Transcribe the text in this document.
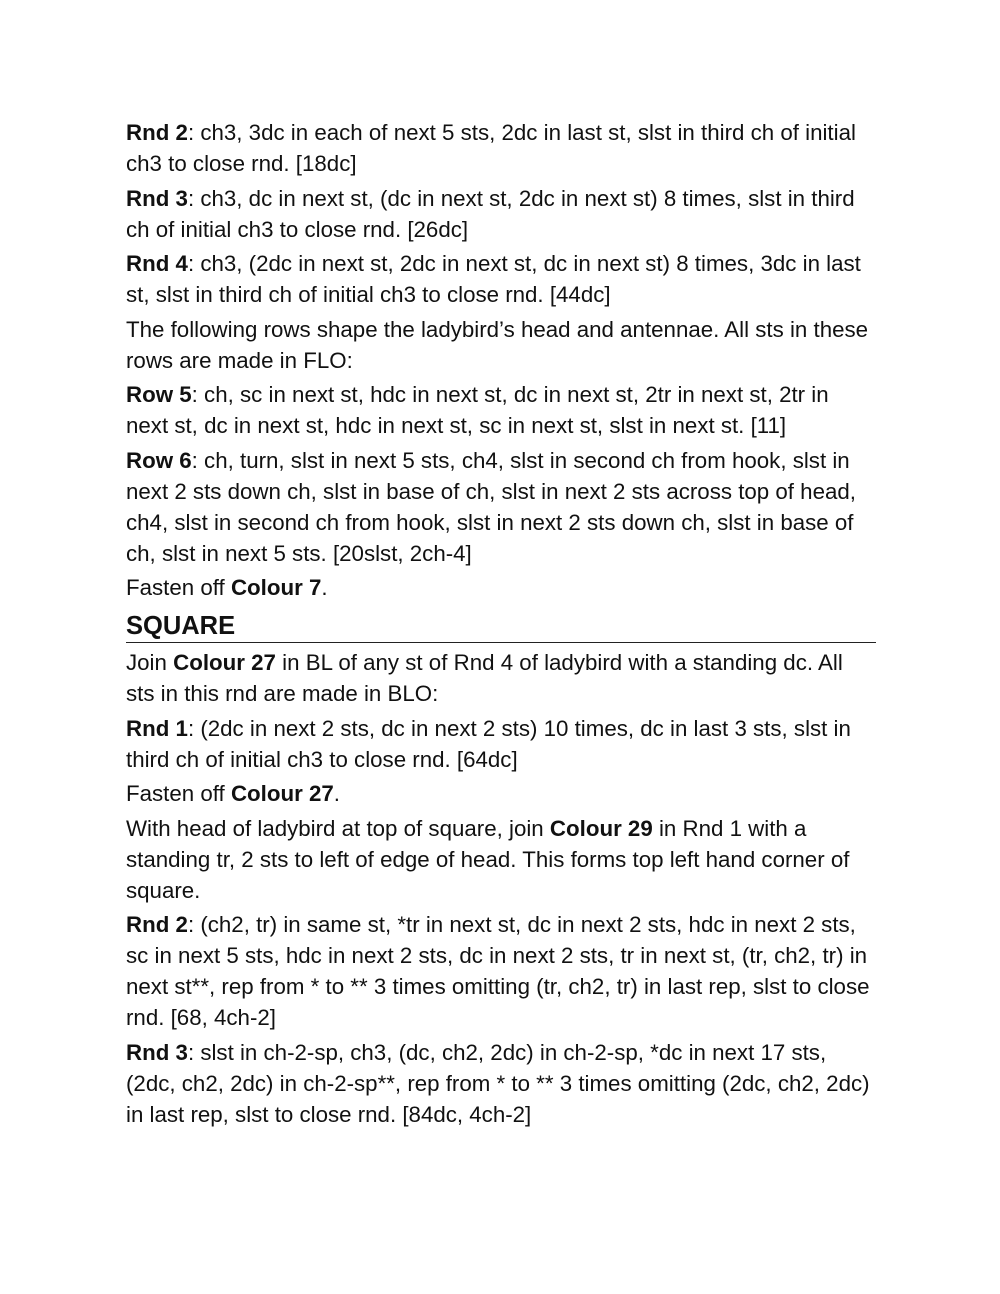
Rnd 2: ch3, 3dc in each of next 5 sts, 2dc in last st, slst in third ch of initial ch3 to close rnd. [18dc]

Rnd 3: ch3, dc in next st, (dc in next st, 2dc in next st) 8 times, slst in third ch of initial ch3 to close rnd. [26dc]

Rnd 4: ch3, (2dc in next st, 2dc in next st, dc in next st) 8 times, 3dc in last st, slst in third ch of initial ch3 to close rnd. [44dc]

The following rows shape the ladybird’s head and antennae. All sts in these rows are made in FLO:

Row 5: ch, sc in next st, hdc in next st, dc in next st, 2tr in next st, 2tr in next st, dc in next st, hdc in next st, sc in next st, slst in next st. [11]

Row 6: ch, turn, slst in next 5 sts, ch4, slst in second ch from hook, slst in next 2 sts down ch, slst in base of ch, slst in next 2 sts across top of head, ch4, slst in second ch from hook, slst in next 2 sts down ch, slst in base of ch, slst in next 5 sts. [20slst, 2ch-4]

Fasten off Colour 7.

SQUARE

Join Colour 27 in BL of any st of Rnd 4 of ladybird with a standing dc. All sts in this rnd are made in BLO:

Rnd 1: (2dc in next 2 sts, dc in next 2 sts) 10 times, dc in last 3 sts, slst in third ch of initial ch3 to close rnd. [64dc]

Fasten off Colour 27.

With head of ladybird at top of square, join Colour 29 in Rnd 1 with a standing tr, 2 sts to left of edge of head. This forms top left hand corner of square.

Rnd 2: (ch2, tr) in same st, *tr in next st, dc in next 2 sts, hdc in next 2 sts, sc in next 5 sts, hdc in next 2 sts, dc in next 2 sts, tr in next st, (tr, ch2, tr) in next st**, rep from * to ** 3 times omitting (tr, ch2, tr) in last rep, slst to close rnd. [68, 4ch-2]

Rnd 3: slst in ch-2-sp, ch3, (dc, ch2, 2dc) in ch-2-sp, *dc in next 17 sts, (2dc, ch2, 2dc) in ch-2-sp**, rep from * to ** 3 times omitting (2dc, ch2, 2dc) in last rep, slst to close rnd. [84dc, 4ch-2]
